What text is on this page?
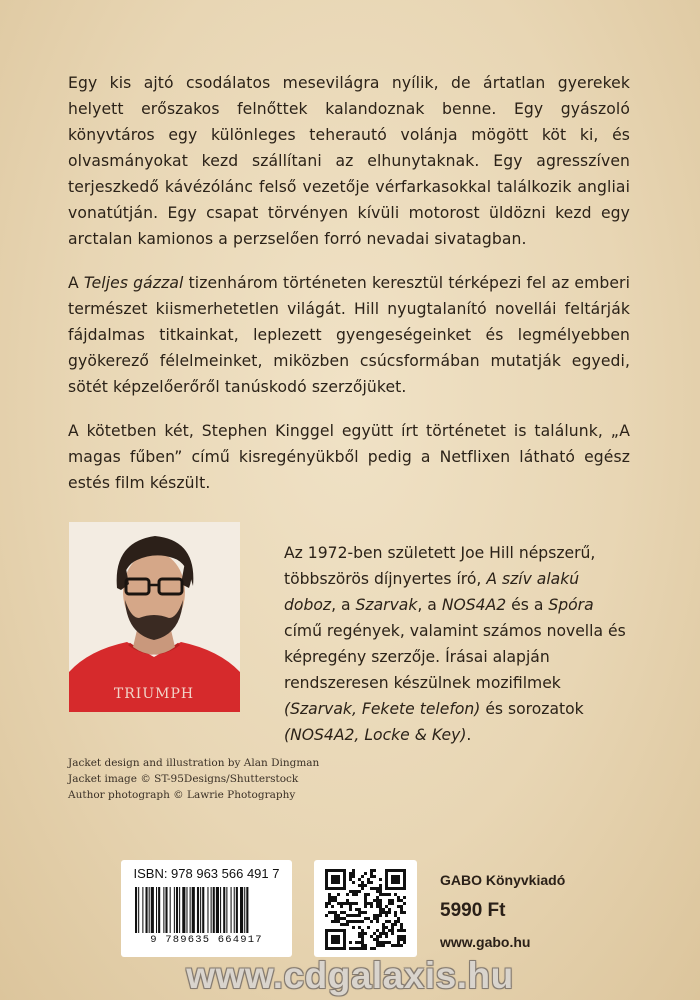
Egy kis ajtó csodálatos mesevilágra nyílik, de ártatlan gyerekek helyett erőszakos felnőttek kalandoznak benne. Egy gyászoló könyvtáros egy különleges teherautó volánja mögött köt ki, és olvasmányokat kezd szállítani az elhunytaknak. Egy agresszíven terjeszkedő kávézólánc felső vezetője vérfarkasokkal találkozik angliai vonatútján. Egy csapat törvényen kívüli motorost üldözni kezd egy arctalan kamionos a perzselően forró nevadai sivatagban.

A Teljes gázzal tizenhárom történeten keresztül térképezi fel az emberi természet kiismerhetetlen világát. Hill nyugtalanító novellái feltárják fájdalmas titkainkat, leplezett gyengeségeinket és legmélyebben gyökerező félelmeinket, miközben csúcsformában mutatják egyedi, sötét képzelőerőről tanúskodó szerzőjüket.

A kötetben két, Stephen Kinggel együtt írt történetet is találunk, „A magas fűben” című kisregényükből pedig a Netflixen látható egész estés film készült.

TRIUMPH

Az 1972-ben született Joe Hill népszerű, többszörös díjnyertes író, A szív alakú doboz, a Szarvak, a NOS4A2 és a Spóra című regények, valamint számos novella és képregény szerzője. Írásai alapján rendszeresen készülnek mozifilmek (Szarvak, Fekete telefon) és sorozatok (NOS4A2, Locke & Key).

Jacket design and illustration by Alan Dingman
Jacket image © ST-95Designs/Shutterstock
Author photograph © Lawrie Photography
ISBN: 978 963 566 491 7
9 789635 664917
GABO Könyvkiadó
5990 Ft
www.gabo.hu
www.cdgalaxis.hu
